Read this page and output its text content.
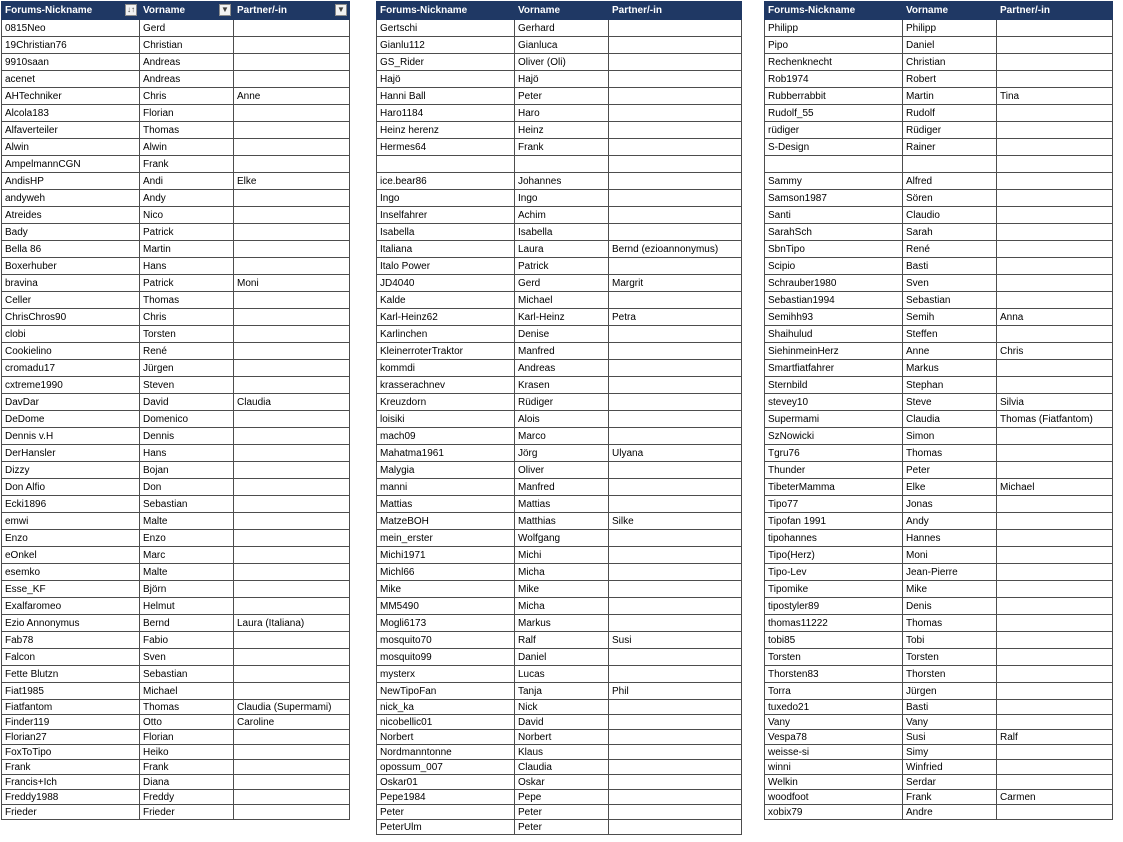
Forums-Nickname ↓↑	Vorname ▼	Partner/-in ▼

0815Neo	Gerd	
19Christian76	Christian	
9910saan	Andreas	
acenet	Andreas	
AHTechniker	Chris	Anne
Alcola183	Florian	
Alfaverteiler	Thomas	
Alwin	Alwin	
AmpelmannCGN	Frank	
AndisHP	Andi	Elke
andyweh	Andy	
Atreides	Nico	
Bady	Patrick	
Bella 86	Martin	
Boxerhuber	Hans	
bravina	Patrick	Moni
Celler	Thomas	
ChrisChros90	Chris	
clobi	Torsten	
Cookielino	René	
cromadu17	Jürgen	
cxtreme1990	Steven	
DavDar	David	Claudia
DeDome	Domenico	
Dennis v.H	Dennis	
DerHansler	Hans	
Dizzy	Bojan	
Don Alfio	Don	
Ecki1896	Sebastian	
emwi	Malte	
Enzo	Enzo	
eOnkel	Marc	
esemko	Malte	
Esse_KF	Björn	
Exalfaromeo	Helmut	
Ezio Annonymus	Bernd	Laura (Italiana)
Fab78	Fabio	
Falcon	Sven	
Fette Blutzn	Sebastian	
Fiat1985	Michael	
Fiatfantom	Thomas	Claudia (Supermami)
Finder119	Otto	Caroline
Florian27	Florian	
FoxToTipo	Heiko	
Frank	Frank	
Francis+Ich	Diana	
Freddy1988	Freddy	
Frieder	Frieder	
Forums-Nickname	Vorname	Partner/-in
Gertschi	Gerhard	
Gianlu112	Gianluca	
GS_Rider	Oliver (Oli)	
Hajö	Hajö	
Hanni Ball	Peter	
Haro1184	Haro	
Heinz herenz	Heinz	
Hermes64	Frank	

ice.bear86	Johannes	
Ingo	Ingo	
Inselfahrer	Achim	
Isabella	Isabella	
Italiana	Laura	Bernd (ezioannonymus)
Italo Power	Patrick	
JD4040	Gerd	Margrit
Kalde	Michael	
Karl-Heinz62	Karl-Heinz	Petra
Karlinchen	Denise	
KleinerroterTraktor	Manfred	
kommdi	Andreas	
krasserachnev	Krasen	
Kreuzdorn	Rüdiger	
loisiki	Alois	
mach09	Marco	
Mahatma1961	Jörg	Ulyana
Malygia	Oliver	
manni	Manfred	
Mattias	Mattias	
MatzeBOH	Matthias	Silke
mein_erster	Wolfgang	
Michi1971	Michi	
Michl66	Micha	
Mike	Mike	
MM5490	Micha	
Mogli6173	Markus	
mosquito70	Ralf	Susi
mosquito99	Daniel	
mysterx	Lucas	
NewTipoFan	Tanja	Phil
nick_ka	Nick	
nicobellic01	David	
Norbert	Norbert	
Nordmanntonne	Klaus	
opossum_007	Claudia	
Oskar01	Oskar	
Pepe1984	Pepe	
Peter	Peter	
PeterUlm	Peter	
Forums-Nickname	Vorname	Partner/-in
Philipp	Philipp	
Pipo	Daniel	
Rechenknecht	Christian	
Rob1974	Robert	
Rubberrabbit	Martin	Tina
Rudolf_55	Rudolf	
rüdiger	Rüdiger	
S-Design	Rainer	

Sammy	Alfred	
Samson1987	Sören	
Santi	Claudio	
SarahSch	Sarah	
SbnTipo	René	
Scipio	Basti	
Schrauber1980	Sven	
Sebastian1994	Sebastian	
Semihh93	Semih	Anna
Shaihulud	Steffen	
SiehinmeinHerz	Anne	Chris
Smartfiatfahrer	Markus	
Sternbild	Stephan	
stevey10	Steve	Silvia
Supermami	Claudia	Thomas (Fiatfantom)
SzNowicki	Simon	
Tgru76	Thomas	
Thunder	Peter	
TibeterMamma	Elke	Michael
Tipo77	Jonas	
Tipofan 1991	Andy	
tipohannes	Hannes	
Tipo(Herz)	Moni	
Tipo-Lev	Jean-Pierre	
Tipomike	Mike	
tipostyler89	Denis	
thomas11222	Thomas	
tobi85	Tobi	
Torsten	Torsten	
Thorsten83	Thorsten	
Torra	Jürgen	
tuxedo21	Basti	
Vany	Vany	
Vespa78	Susi	Ralf
weisse-si	Simy	
winni	Winfried	
Welkin	Serdar	
woodfoot	Frank	Carmen
xobix79	Andre	
